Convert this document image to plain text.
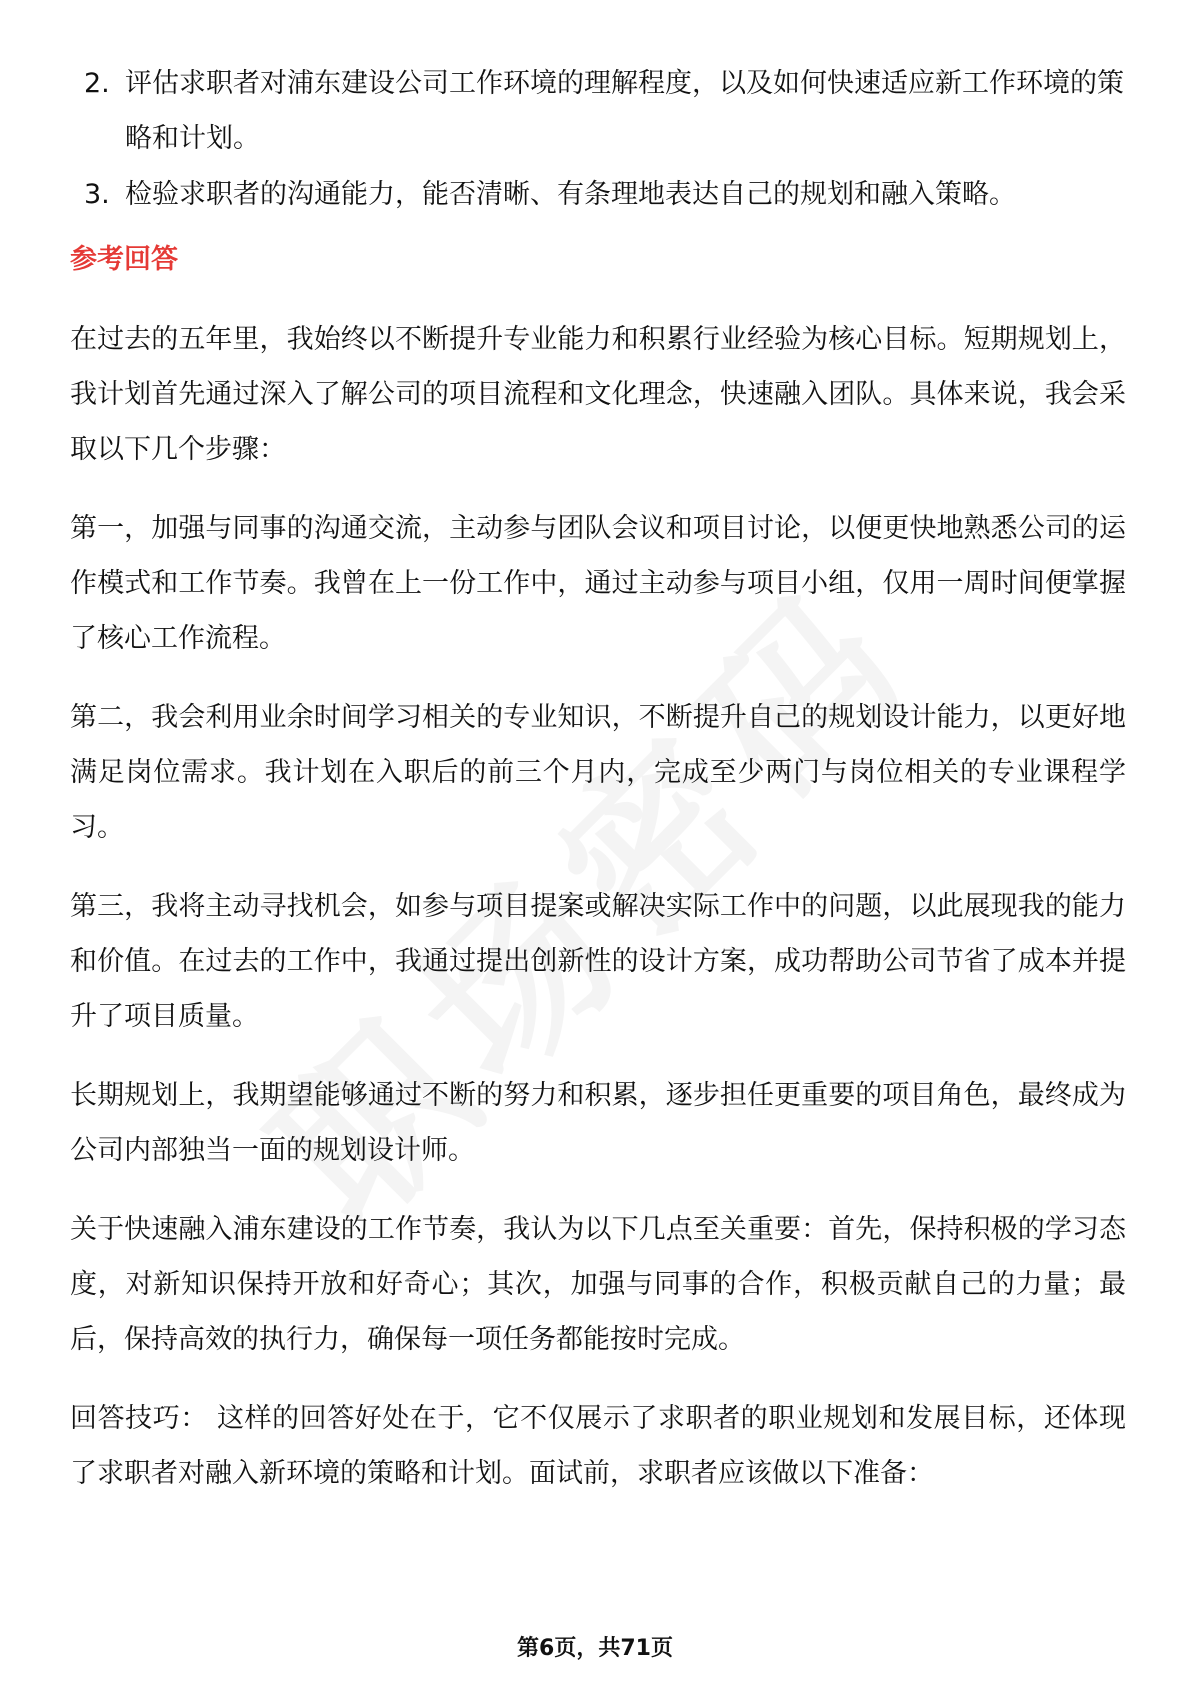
2. 评估求职者对浦东建设公司工作环境的理解程度，以及如何快速适应新工作环境的策略和计划。
3. 检验求职者的沟通能力，能否清晰、有条理地表达自己的规划和融入策略。
参考回答

在过去的五年里，我始终以不断提升专业能力和积累行业经验为核心目标。短期规划上，我计划首先通过深入了解公司的项目流程和文化理念，快速融入团队。具体来说，我会采取以下几个步骤：

第一，加强与同事的沟通交流，主动参与团队会议和项目讨论，以便更快地熟悉公司的运作模式和工作节奏。我曾在上一份工作中，通过主动参与项目小组，仅用一周时间便掌握了核心工作流程。

第二，我会利用业余时间学习相关的专业知识，不断提升自己的规划设计能力，以更好地满足岗位需求。我计划在入职后的前三个月内，完成至少两门与岗位相关的专业课程学习。

第三，我将主动寻找机会，如参与项目提案或解决实际工作中的问题，以此展现我的能力和价值。在过去的工作中，我通过提出创新性的设计方案，成功帮助公司节省了成本并提升了项目质量。

长期规划上，我期望能够通过不断的努力和积累，逐步担任更重要的项目角色，最终成为公司内部独当一面的规划设计师。

关于快速融入浦东建设的工作节奏，我认为以下几点至关重要：首先，保持积极的学习态度，对新知识保持开放和好奇心；其次，加强与同事的合作，积极贡献自己的力量；最后，保持高效的执行力，确保每一项任务都能按时完成。

回答技巧： 这样的回答好处在于，它不仅展示了求职者的职业规划和发展目标，还体现了求职者对融入新环境的策略和计划。面试前，求职者应该做以下准备：

第6页，共71页
